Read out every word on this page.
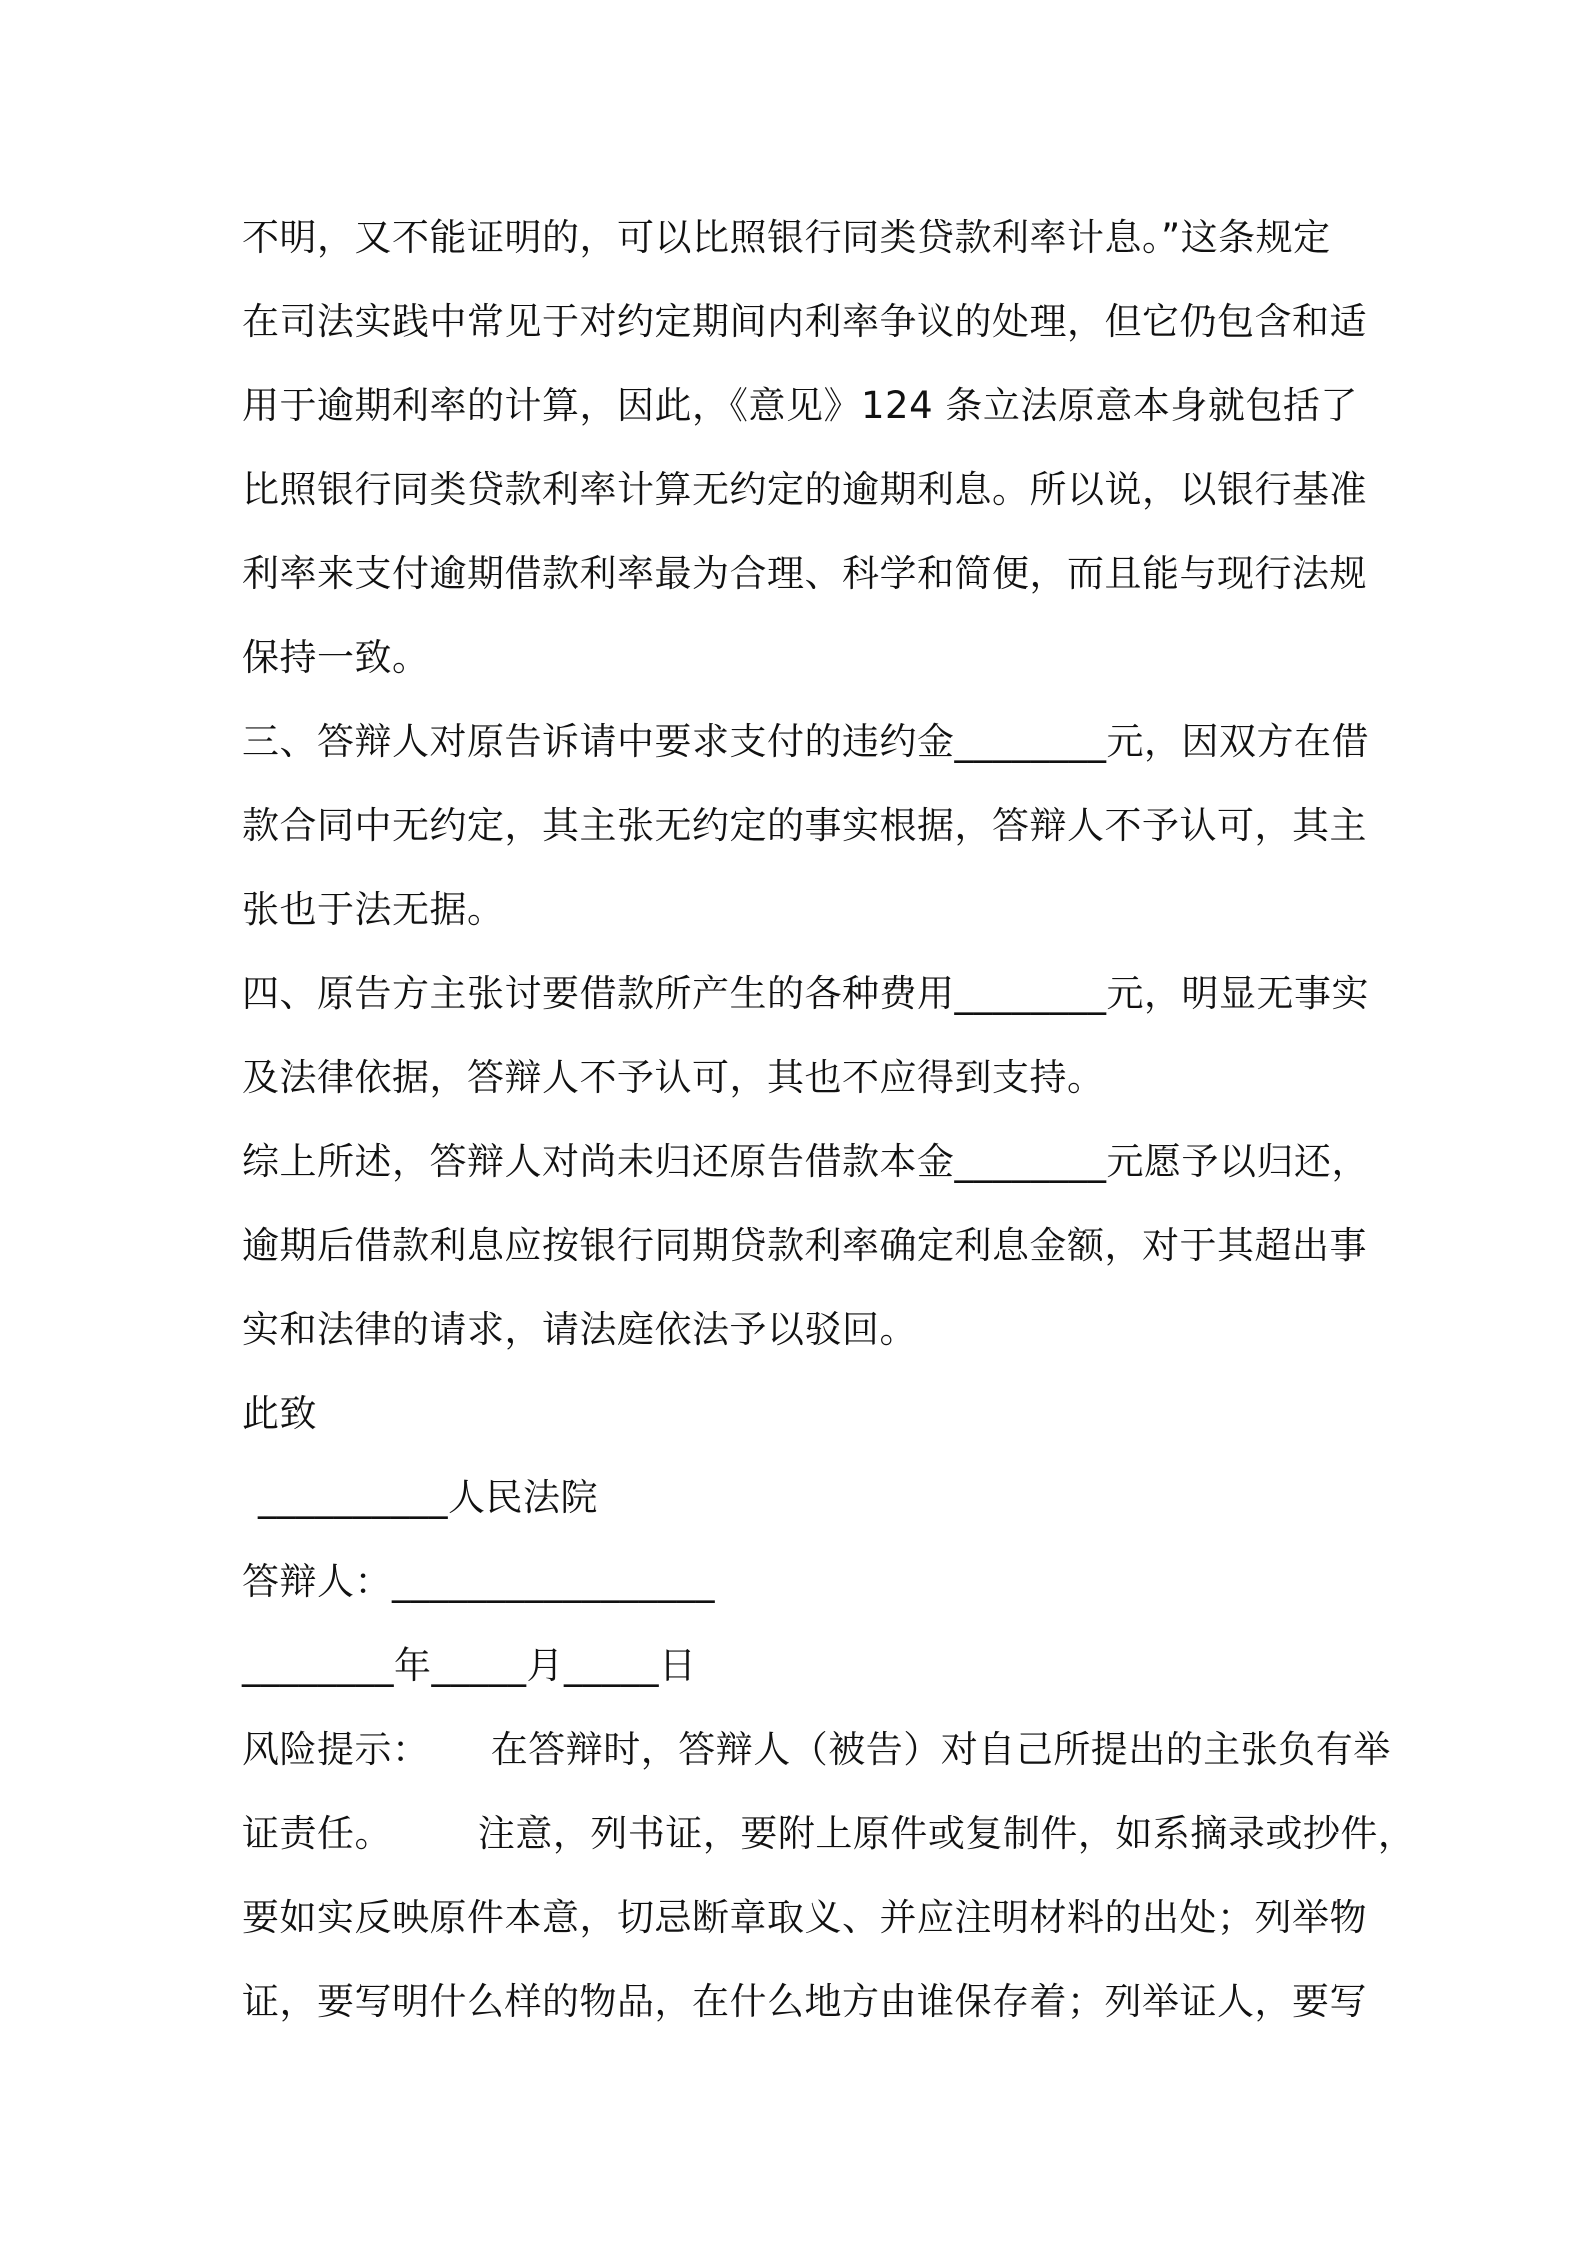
不明，又不能证明的，可以比照银行同类贷款利率计息。”这条规定
在司法实践中常见于对约定期间内利率争议的处理，但它仍包含和适
用于逾期利率的计算，因此，《意见》124 条立法原意本身就包括了
比照银行同类贷款利率计算无约定的逾期利息。所以说，以银行基准
利率来支付逾期借款利率最为合理、科学和简便，而且能与现行法规
保持一致。
三、答辩人对原告诉请中要求支付的违约金________元，因双方在借
款合同中无约定，其主张无约定的事实根据，答辩人不予认可，其主
张也于法无据。
四、原告方主张讨要借款所产生的各种费用________元，明显无事实
及法律依据，答辩人不予认可，其也不应得到支持。
综上所述，答辩人对尚未归还原告借款本金________元愿予以归还，
逾期后借款利息应按银行同期贷款利率确定利息金额，对于其超出事
实和法律的请求，请法庭依法予以驳回。
此致
__________人民法院
答辩人：_________________
________年_____月_____日
风险提示：     在答辩时，答辩人（被告）对自己所提出的主张负有举
证责任。       注意，列书证，要附上原件或复制件，如系摘录或抄件，
要如实反映原件本意，切忌断章取义、并应注明材料的出处；列举物
证，要写明什么样的物品，在什么地方由谁保存着；列举证人，要写
